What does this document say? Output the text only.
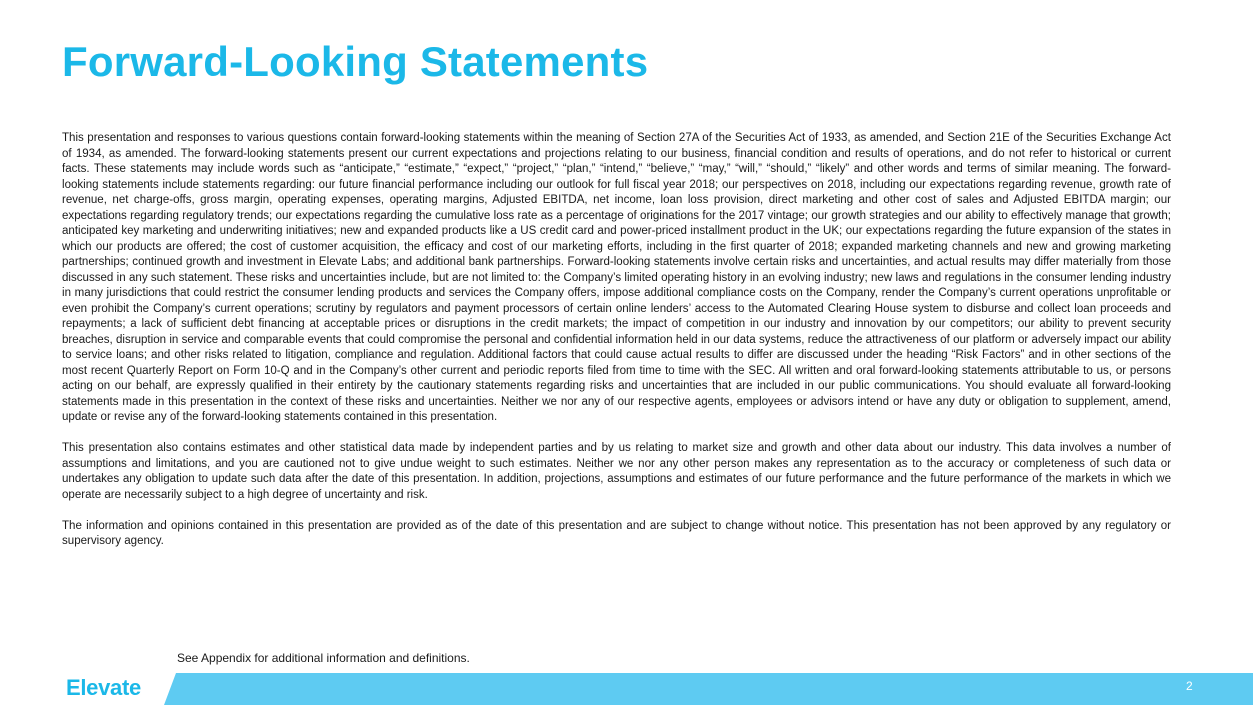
Forward-Looking Statements

This presentation and responses to various questions contain forward-looking statements within the meaning of Section 27A of the Securities Act of 1933, as amended, and Section 21E of the Securities Exchange Act of 1934, as amended. The forward-looking statements present our current expectations and projections relating to our business, financial condition and results of operations, and do not refer to historical or current facts. These statements may include words such as “anticipate,” “estimate,” “expect,” “project,” “plan,” “intend,” “believe,” “may,” “will,” “should,” “likely” and other words and terms of similar meaning. The forward-looking statements include statements regarding: our future financial performance including our outlook for full fiscal year 2018; our perspectives on 2018, including our expectations regarding revenue, growth rate of revenue, net charge-offs, gross margin, operating expenses, operating margins, Adjusted EBITDA, net income, loan loss provision, direct marketing and other cost of sales and Adjusted EBITDA margin; our expectations regarding regulatory trends; our expectations regarding the cumulative loss rate as a percentage of originations for the 2017 vintage; our growth strategies and our ability to effectively manage that growth; anticipated key marketing and underwriting initiatives; new and expanded products like a US credit card and power-priced installment product in the UK; our expectations regarding the future expansion of the states in which our products are offered; the cost of customer acquisition, the efficacy and cost of our marketing efforts, including in the first quarter of 2018; expanded marketing channels and new and growing marketing partnerships; continued growth and investment in Elevate Labs; and additional bank partnerships. Forward-looking statements involve certain risks and uncertainties, and actual results may differ materially from those discussed in any such statement. These risks and uncertainties include, but are not limited to: the Company’s limited operating history in an evolving industry; new laws and regulations in the consumer lending industry in many jurisdictions that could restrict the consumer lending products and services the Company offers, impose additional compliance costs on the Company, render the Company’s current operations unprofitable or even prohibit the Company’s current operations; scrutiny by regulators and payment processors of certain online lenders’ access to the Automated Clearing House system to disburse and collect loan proceeds and repayments; a lack of sufficient debt financing at acceptable prices or disruptions in the credit markets; the impact of competition in our industry and innovation by our competitors; our ability to prevent security breaches, disruption in service and comparable events that could compromise the personal and confidential information held in our data systems, reduce the attractiveness of our platform or adversely impact our ability to service loans; and other risks related to litigation, compliance and regulation. Additional factors that could cause actual results to differ are discussed under the heading “Risk Factors” and in other sections of the most recent Quarterly Report on Form 10-Q and in the Company’s other current and periodic reports filed from time to time with the SEC. All written and oral forward-looking statements attributable to us, or persons acting on our behalf, are expressly qualified in their entirety by the cautionary statements regarding risks and uncertainties that are included in our public communications. You should evaluate all forward-looking statements made in this presentation in the context of these risks and uncertainties. Neither we nor any of our respective agents, employees or advisors intend or have any duty or obligation to supplement, amend, update or revise any of the forward-looking statements contained in this presentation.

This presentation also contains estimates and other statistical data made by independent parties and by us relating to market size and growth and other data about our industry. This data involves a number of assumptions and limitations, and you are cautioned not to give undue weight to such estimates. Neither we nor any other person makes any representation as to the accuracy or completeness of such data or undertakes any obligation to update such data after the date of this presentation. In addition, projections, assumptions and estimates of our future performance and the future performance of the markets in which we operate are necessarily subject to a high degree of uncertainty and risk.

The information and opinions contained in this presentation are provided as of the date of this presentation and are subject to change without notice. This presentation has not been approved by any regulatory or supervisory agency.

See Appendix for additional information and definitions.
Elevate	2
